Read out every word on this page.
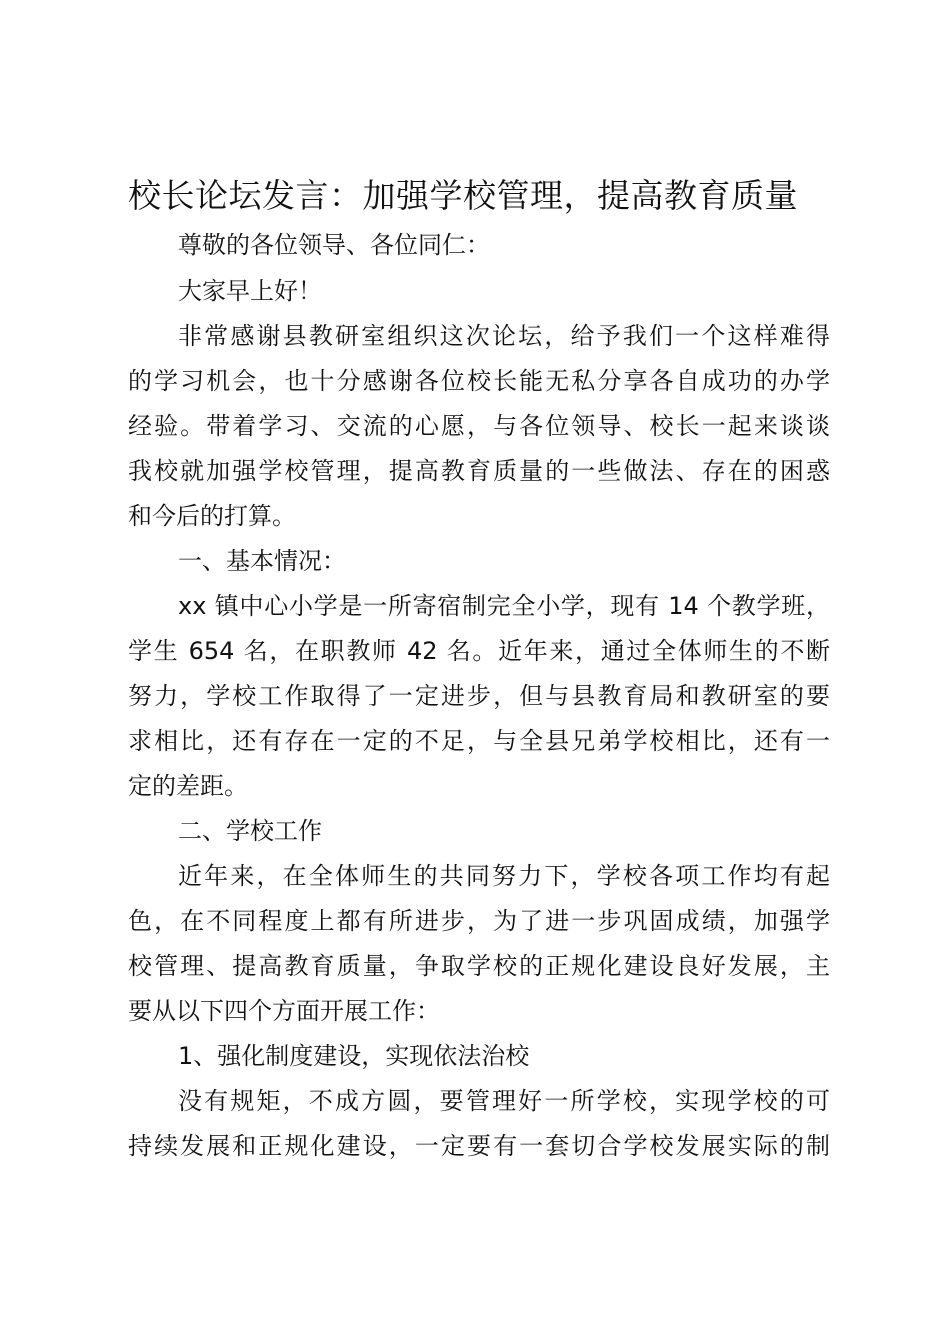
校长论坛发言：加强学校管理，提高教育质量

尊敬的各位领导、各位同仁：

大家早上好！

非常感谢县教研室组织这次论坛，给予我们一个这样难得

的学习机会，也十分感谢各位校长能无私分享各自成功的办学

经验。带着学习、交流的心愿，与各位领导、校长一起来谈谈

我校就加强学校管理，提高教育质量的一些做法、存在的困惑

和今后的打算。

一、基本情况：

xx 镇中心小学是一所寄宿制完全小学，现有 14 个教学班，

学生 654 名，在职教师 42 名。近年来，通过全体师生的不断

努力，学校工作取得了一定进步，但与县教育局和教研室的要

求相比，还有存在一定的不足，与全县兄弟学校相比，还有一

定的差距。

二、学校工作

近年来，在全体师生的共同努力下，学校各项工作均有起

色，在不同程度上都有所进步，为了进一步巩固成绩，加强学

校管理、提高教育质量，争取学校的正规化建设良好发展，主

要从以下四个方面开展工作：

1、强化制度建设，实现依法治校

没有规矩，不成方圆，要管理好一所学校，实现学校的可

持续发展和正规化建设，一定要有一套切合学校发展实际的制
